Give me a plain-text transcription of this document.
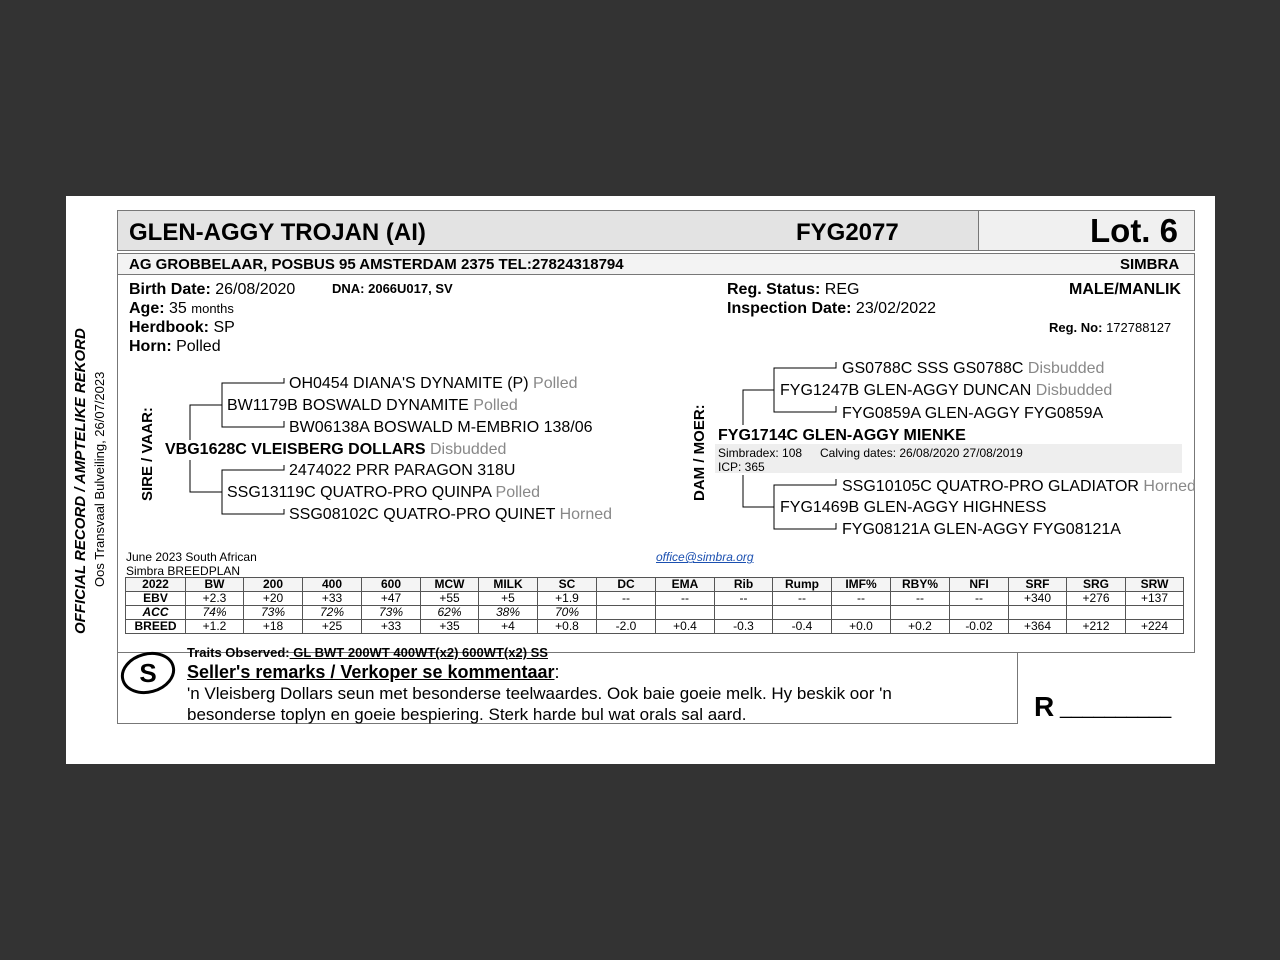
GLEN-AGGY TROJAN (AI)	FYG2077	Lot. 6
AG GROBBELAAR, POSBUS 95 AMSTERDAM 2375 TEL:27824318794	SIMBRA
OFFICIAL RECORD / AMPTELIKE REKORD Oos Transvaal Bulveiling, 26/07/2023
Birth Date: 26/08/2020	DNA: 2066U017, SV
Age: 35 months
Herdbook: SP
Horn: Polled
Reg. Status: REG
Inspection Date: 23/02/2022
MALE/MANLIK
Reg. No: 172788127
SIRE / VAAR:
OH0454 DIANA'S DYNAMITE (P) Polled
BW1179B BOSWALD DYNAMITE Polled
BW06138A BOSWALD M-EMBRIO 138/06
VBG1628C VLEISBERG DOLLARS Disbudded
2474022 PRR PARAGON 318U
SSG13119C QUATRO-PRO QUINPA Polled
SSG08102C QUATRO-PRO QUINET Horned
DAM / MOER:
GS0788C SSS GS0788C Disbudded
FYG1247B GLEN-AGGY DUNCAN Disbudded
FYG0859A GLEN-AGGY FYG0859A
FYG1714C GLEN-AGGY MIENKE
Simbradex: 108 Calving dates: 26/08/2020 27/08/2019
ICP: 365
SSG10105C QUATRO-PRO GLADIATOR Horned
FYG1469B GLEN-AGGY HIGHNESS
FYG08121A GLEN-AGGY FYG08121A
June 2023 South African
Simbra BREEDPLAN
office@simbra.org
2022	BW	200	400	600	MCW	MILK	SC	DC	EMA	Rib	Rump	IMF%	RBY%	NFI	SRF	SRG	SRW
EBV	+2.3	+20	+33	+47	+55	+5	+1.9	--	--	--	--	--	--	--	+340	+276	+137
ACC	74%	73%	72%	73%	62%	38%	70%										
BREED	+1.2	+18	+25	+33	+35	+4	+0.8	-2.0	+0.4	-0.3	-0.4	+0.0	+0.2	-0.02	+364	+212	+224
S
Traits Observed: GL BWT 200WT 400WT(x2) 600WT(x2) SS
Seller's remarks / Verkoper se kommentaar:
'n Vleisberg Dollars seun met besonderse teelwaardes. Ook baie goeie melk. Hy beskik oor 'n
besonderse toplyn en goeie bespiering. Sterk harde bul wat orals sal aard.	R __________
